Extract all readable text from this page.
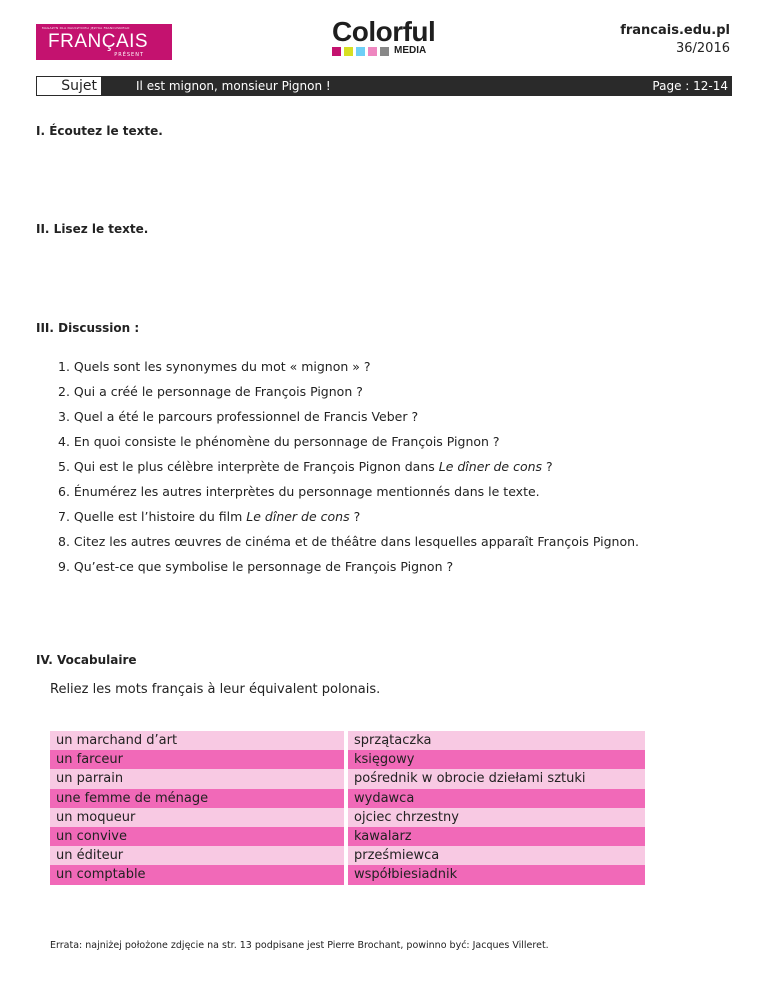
MAGAZYN DLA NAUCZYCIELI JĘZYKA FRANCUSKIEGO
FRANÇAIS
PRÉSENT
Colorful
MEDIA
francais.edu.pl
36/2016
Sujet	Il est mignon, monsieur Pignon !	Page : 12-14
I. Écoutez le texte.
II. Lisez le texte.
III. Discussion :
1. Quels sont les synonymes du mot « mignon » ?
2. Qui a créé le personnage de François Pignon ?
3. Quel a été le parcours professionnel de Francis Veber ?
4. En quoi consiste le phénomène du personnage de François Pignon ?
5. Qui est le plus célèbre interprète de François Pignon dans Le dîner de cons ?
6. Énumérez les autres interprètes du personnage mentionnés dans le texte.
7. Quelle est l’histoire du film Le dîner de cons ?
8. Citez les autres œuvres de cinéma et de théâtre dans lesquelles apparaît François Pignon.
9. Qu’est-ce que symbolise le personnage de François Pignon ?
IV. Vocabulaire
Reliez les mots français à leur équivalent polonais.
un marchand d’art
un farceur
un parrain
une femme de ménage
un moqueur
un convive
un éditeur
un comptable
sprzątaczka
księgowy
pośrednik w obrocie dziełami sztuki
wydawca
ojciec chrzestny
kawalarz
prześmiewca
współbiesiadnik
Errata: najniżej położone zdjęcie na str. 13 podpisane jest Pierre Brochant, powinno być: Jacques Villeret.
